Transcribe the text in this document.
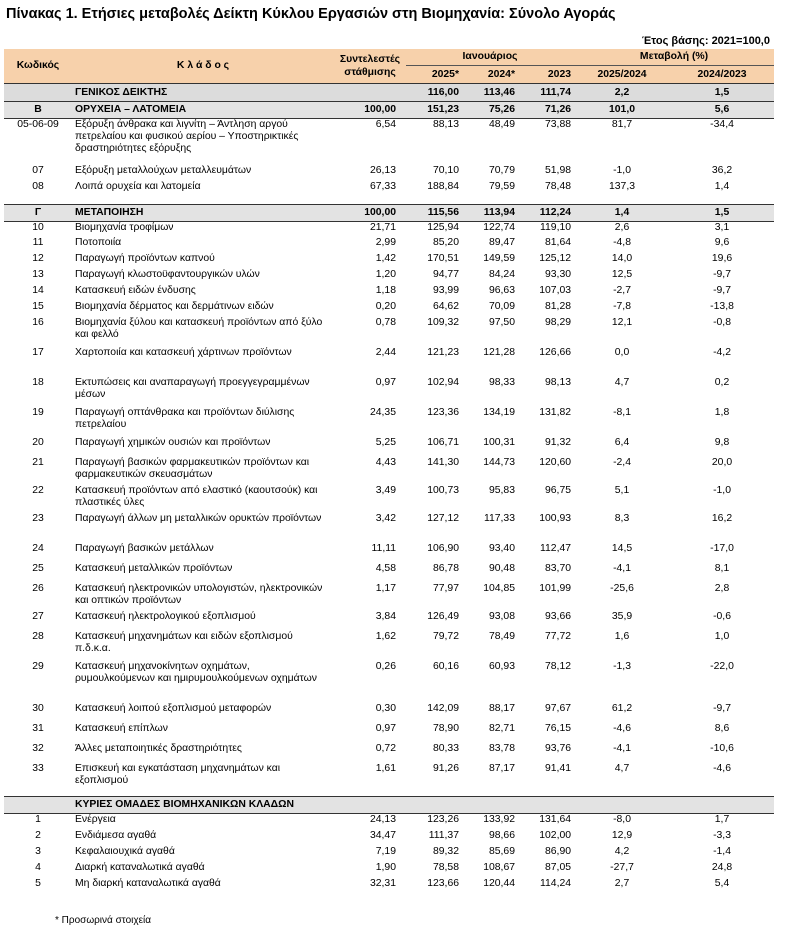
Πίνακας 1. Ετήσιες μεταβολές Δείκτη Κύκλου Εργασιών στη Βιομηχανία: Σύνολο Αγοράς
Έτος βάσης: 2021=100,0
Κωδικός	Κ λ ά δ ο ς	Συντελεστές στάθμισης	Ιανουάριος			Μεταβολή (%)	
			2025*	2024*	2023	2025/2024	2024/2023
	ΓΕΝΙΚΟΣ ΔΕΙΚΤΗΣ		116,00	113,46	111,74	2,2	1,5
Β	ΟΡΥΧΕΙΑ – ΛΑΤΟΜΕΙΑ	100,00	151,23	75,26	71,26	101,0	5,6
05-06-09	Εξόρυξη άνθρακα και λιγνίτη – Άντληση αργού πετρελαίου και φυσικού αερίου – Υποστηρικτικές δραστηριότητες εξόρυξης	6,54	88,13	48,49	73,88	81,7	-34,4
07	Εξόρυξη μεταλλούχων μεταλλευμάτων	26,13	70,10	70,79	51,98	-1,0	36,2
08	Λοιπά ορυχεία και λατομεία	67,33	188,84	79,59	78,48	137,3	1,4

Γ	ΜΕΤΑΠΟΙΗΣΗ	100,00	115,56	113,94	112,24	1,4	1,5
10	Βιομηχανία τροφίμων	21,71	125,94	122,74	119,10	2,6	3,1
11	Ποτοποιία	2,99	85,20	89,47	81,64	-4,8	9,6
12	Παραγωγή προϊόντων καπνού	1,42	170,51	149,59	125,12	14,0	19,6
13	Παραγωγή κλωστοϋφαντουργικών υλών	1,20	94,77	84,24	93,30	12,5	-9,7
14	Κατασκευή ειδών ένδυσης	1,18	93,99	96,63	107,03	-2,7	-9,7
15	Βιομηχανία δέρματος και δερμάτινων ειδών	0,20	64,62	70,09	81,28	-7,8	-13,8
16	Βιομηχανία ξύλου και κατασκευή προϊόντων από ξύλο και φελλό	0,78	109,32	97,50	98,29	12,1	-0,8
17	Χαρτοποιία και κατασκευή χάρτινων προϊόντων	2,44	121,23	121,28	126,66	0,0	-4,2
18	Εκτυπώσεις και αναπαραγωγή προεγγεγραμμένων μέσων	0,97	102,94	98,33	98,13	4,7	0,2
19	Παραγωγή οπτάνθρακα και προϊόντων διύλισης πετρελαίου	24,35	123,36	134,19	131,82	-8,1	1,8
20	Παραγωγή χημικών ουσιών και προϊόντων	5,25	106,71	100,31	91,32	6,4	9,8
21	Παραγωγή βασικών φαρμακευτικών προϊόντων και φαρμακευτικών σκευασμάτων	4,43	141,30	144,73	120,60	-2,4	20,0
22	Κατασκευή προϊόντων από ελαστικό (καουτσούκ) και πλαστικές ύλες	3,49	100,73	95,83	96,75	5,1	-1,0
23	Παραγωγή άλλων μη μεταλλικών ορυκτών προϊόντων	3,42	127,12	117,33	100,93	8,3	16,2
24	Παραγωγή βασικών μετάλλων	11,11	106,90	93,40	112,47	14,5	-17,0
25	Κατασκευή μεταλλικών προϊόντων	4,58	86,78	90,48	83,70	-4,1	8,1
26	Κατασκευή ηλεκτρονικών υπολογιστών, ηλεκτρονικών και οπτικών προϊόντων	1,17	77,97	104,85	101,99	-25,6	2,8
27	Κατασκευή ηλεκτρολογικού εξοπλισμού	3,84	126,49	93,08	93,66	35,9	-0,6
28	Κατασκευή μηχανημάτων και ειδών εξοπλισμού π.δ.κ.α.	1,62	79,72	78,49	77,72	1,6	1,0
29	Κατασκευή μηχανοκίνητων οχημάτων, ρυμουλκούμενων και ημιρυμουλκούμενων οχημάτων	0,26	60,16	60,93	78,12	-1,3	-22,0
30	Κατασκευή λοιπού εξοπλισμού μεταφορών	0,30	142,09	88,17	97,67	61,2	-9,7
31	Κατασκευή επίπλων	0,97	78,90	82,71	76,15	-4,6	8,6
32	Άλλες μεταποιητικές δραστηριότητες	0,72	80,33	83,78	93,76	-4,1	-10,6
33	Επισκευή και εγκατάσταση μηχανημάτων και εξοπλισμού	1,61	91,26	87,17	91,41	4,7	-4,6

	ΚΥΡΙΕΣ ΟΜΑΔΕΣ ΒΙΟΜΗΧΑΝΙΚΩΝ ΚΛΑΔΩΝ						
1	Ενέργεια	24,13	123,26	133,92	131,64	-8,0	1,7
2	Ενδιάμεσα αγαθά	34,47	111,37	98,66	102,00	12,9	-3,3
3	Κεφαλαιουχικά αγαθά	7,19	89,32	85,69	86,90	4,2	-1,4
4	Διαρκή καταναλωτικά αγαθά	1,90	78,58	108,67	87,05	-27,7	24,8
5	Μη διαρκή καταναλωτικά αγαθά	32,31	123,66	120,44	114,24	2,7	5,4
* Προσωρινά στοιχεία
